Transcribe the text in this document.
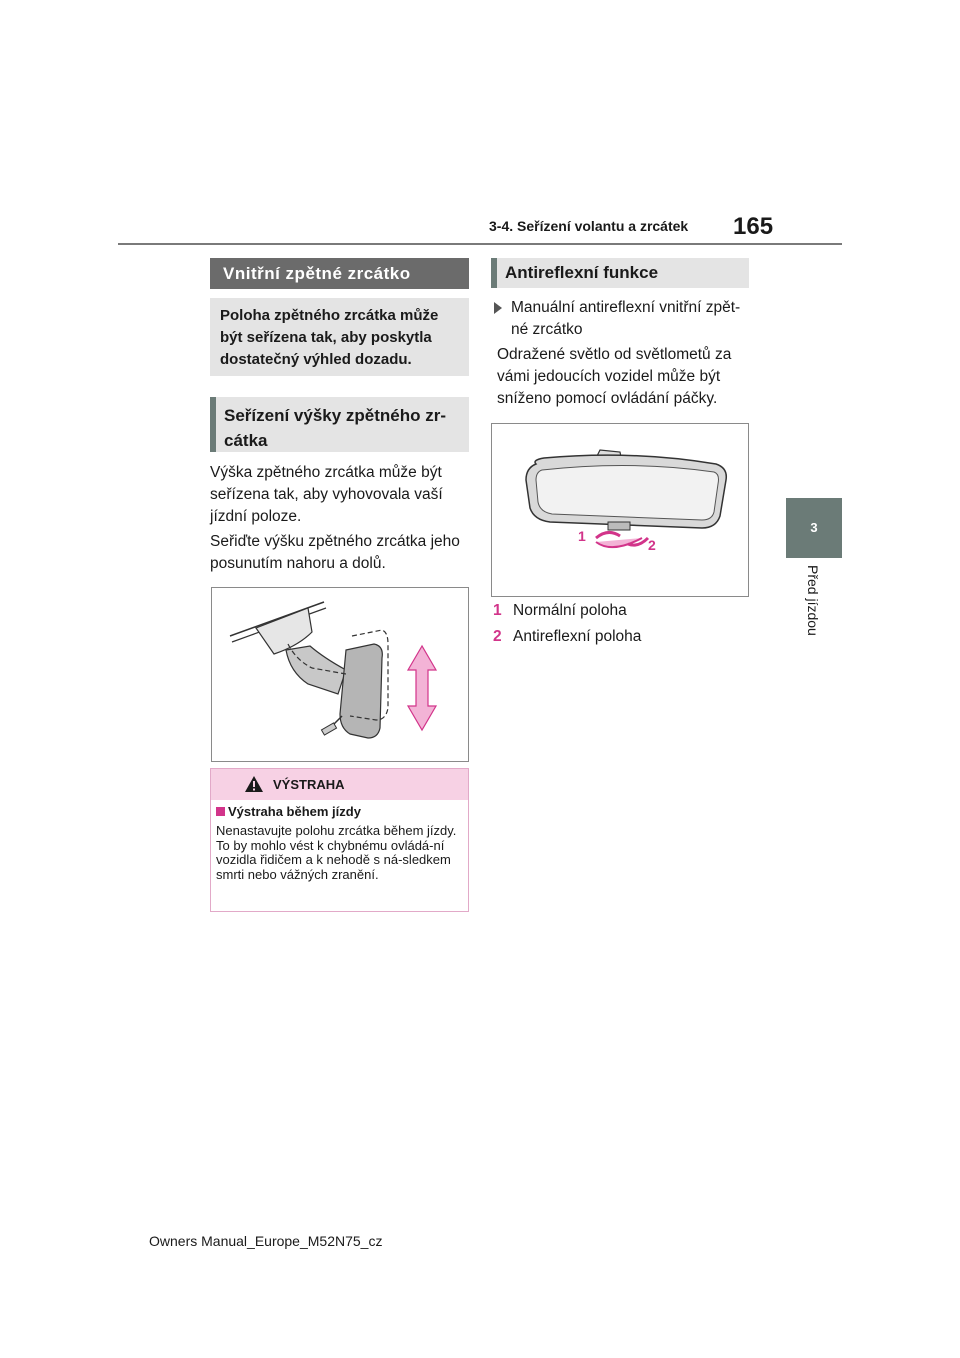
3-4. Seřízení volantu a zrcátek 165
3
Před jízdou
Vnitřní zpětné zrcátko
Poloha zpětného zrcátka může být seřízena tak, aby poskytla dostatečný výhled dozadu.
Seřízení výšky zpětného zr-cátka
Výška zpětného zrcátka může být seřízena tak, aby vyhovovala vaší jízdní poloze.
Seřiďte výšku zpětného zrcátka jeho posunutím nahoru a dolů.
VÝSTRAHA
Výstraha během jízdy
Nenastavujte polohu zrcátka během jízdy.
To by mohlo vést k chybnému ovládá-ní vozidla řidičem a k nehodě s ná-sledkem smrti nebo vážných zranění.
Antireflexní funkce
Manuální antireflexní vnitřní zpět-né zrcátko
Odražené světlo od světlometů za vámi jedoucích vozidel může být sníženo pomocí ovládání páčky.
1
2
1 Normální poloha
2 Antireflexní poloha
Owners Manual_Europe_M52N75_cz
